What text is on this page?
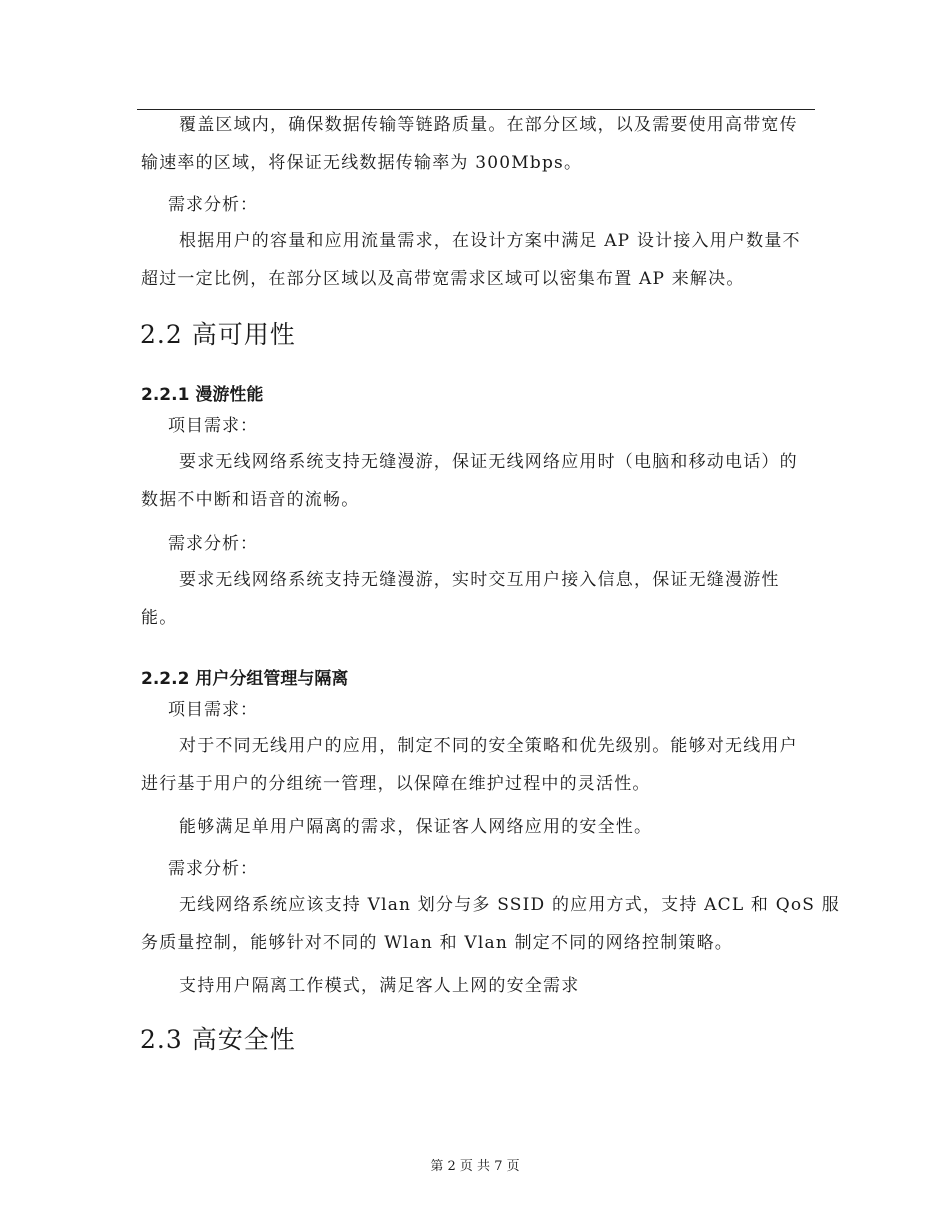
覆盖区域内，确保数据传输等链路质量。在部分区域，以及需要使用高带宽传
输速率的区域，将保证无线数据传输率为 300Mbps。
需求分析：
根据用户的容量和应用流量需求，在设计方案中满足 AP 设计接入用户数量不
超过一定比例，在部分区域以及高带宽需求区域可以密集布置 AP 来解决。
2.2 高可用性
2.2.1 漫游性能
项目需求：
要求无线网络系统支持无缝漫游，保证无线网络应用时（电脑和移动电话）的
数据不中断和语音的流畅。
需求分析：
要求无线网络系统支持无缝漫游，实时交互用户接入信息，保证无缝漫游性
能。
2.2.2 用户分组管理与隔离
项目需求：
对于不同无线用户的应用，制定不同的安全策略和优先级别。能够对无线用户
进行基于用户的分组统一管理，以保障在维护过程中的灵活性。
能够满足单用户隔离的需求，保证客人网络应用的安全性。
需求分析：
无线网络系统应该支持 Vlan 划分与多 SSID 的应用方式，支持 ACL 和 QoS 服
务质量控制，能够针对不同的 Wlan 和 Vlan 制定不同的网络控制策略。
支持用户隔离工作模式，满足客人上网的安全需求
2.3 高安全性
第 2 页 共 7 页
